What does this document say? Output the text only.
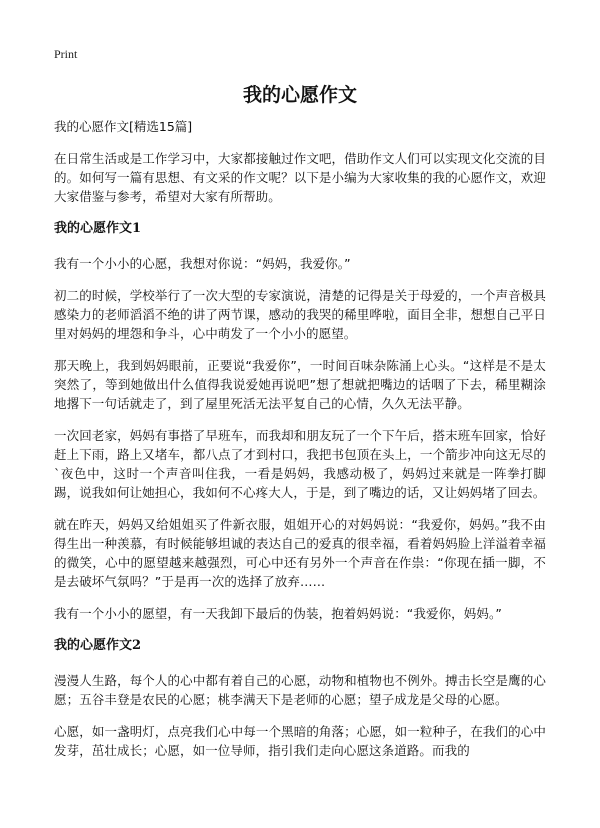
Print
我的心愿作文
我的心愿作文[精选15篇]

在日常生活或是工作学习中，大家都接触过作文吧，借助作文人们可以实现文化交流的目的。如何写一篇有思想、有文采的作文呢？以下是小编为大家收集的我的心愿作文，欢迎大家借鉴与参考，希望对大家有所帮助。

我的心愿作文1

我有一个小小的心愿，我想对你说：“妈妈，我爱你。”

初二的时候，学校举行了一次大型的专家演说，清楚的记得是关于母爱的，一个声音极具感染力的老师滔滔不绝的讲了两节课，感动的我哭的稀里哗啦，面目全非，想想自己平日里对妈妈的埋怨和争斗，心中萌发了一个小小的愿望。

那天晚上，我到妈妈眼前，正要说“我爱你”，一时间百味杂陈涌上心头。“这样是不是太突然了，等到她做出什么值得我说爱她再说吧”想了想就把嘴边的话咽了下去，稀里糊涂地撂下一句话就走了，到了屋里死活无法平复自己的心情，久久无法平静。

一次回老家，妈妈有事搭了早班车，而我却和朋友玩了一个下午后，搭末班车回家，恰好赶上下雨，路上又堵车，都八点了才到村口，我把书包顶在头上，一个箭步冲向这无尽的`夜色中，这时一个声音叫住我，一看是妈妈，我感动极了，妈妈过来就是一阵拳打脚踢，说我如何让她担心，我如何不心疼大人，于是，到了嘴边的话，又让妈妈堵了回去。

就在昨天，妈妈又给姐姐买了件新衣服，姐姐开心的对妈妈说：“我爱你，妈妈。”我不由得生出一种羡慕，有时候能够坦诚的表达自己的爱真的很幸福，看着妈妈脸上洋溢着幸福的微笑，心中的愿望越来越强烈，可心中还有另外一个声音在作祟：“你现在插一脚，不是去破坏气氛吗？”于是再一次的选择了放弃……

我有一个小小的愿望，有一天我卸下最后的伪装，抱着妈妈说：“我爱你，妈妈。”

我的心愿作文2

漫漫人生路，每个人的心中都有着自己的心愿，动物和植物也不例外。搏击长空是鹰的心愿；五谷丰登是农民的心愿；桃李满天下是老师的心愿；望子成龙是父母的心愿。

心愿，如一盏明灯，点亮我们心中每一个黑暗的角落；心愿，如一粒种子，在我们的心中发芽，茁壮成长；心愿，如一位导师，指引我们走向心愿这条道路。而我的
